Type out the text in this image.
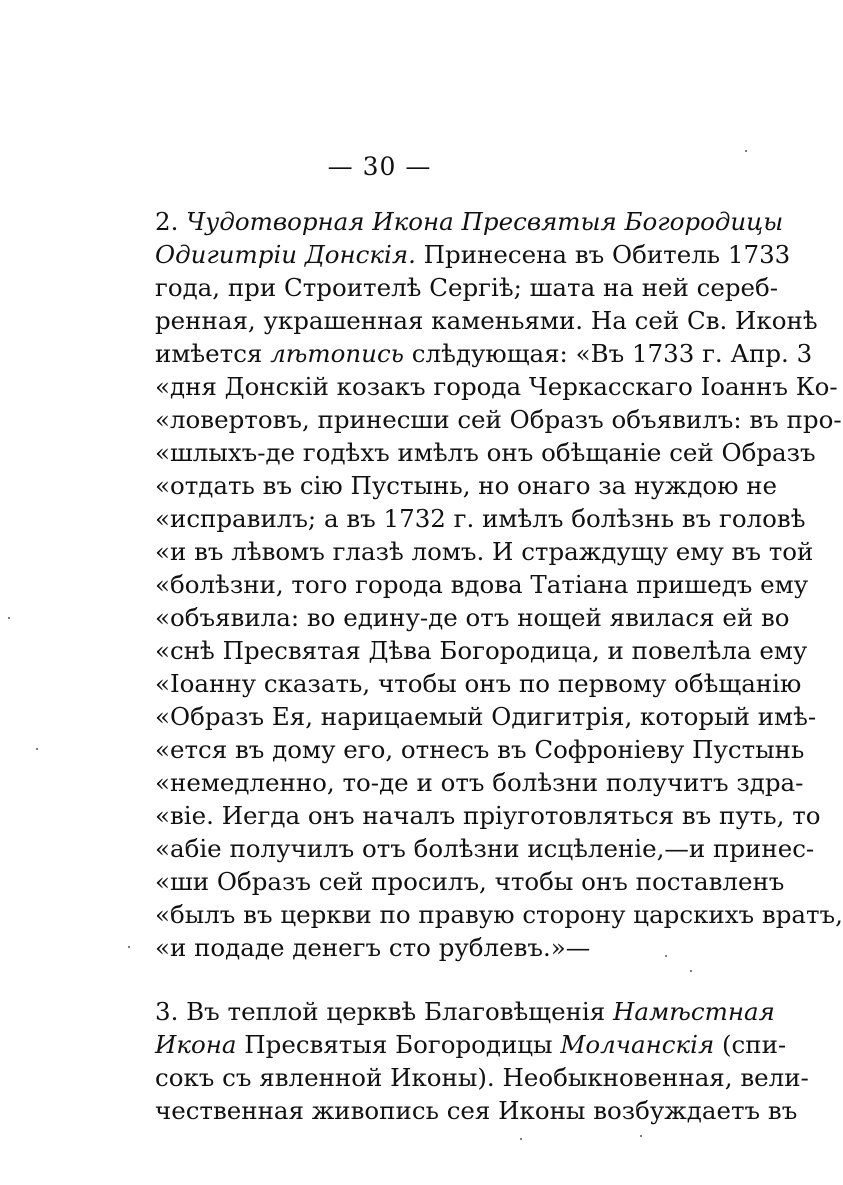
— 30 —
2. Чудотворная Икона Пресвятыя Богородицы
Одигитріи Донскія. Принесена въ Обитель 1733
года, при Строителѣ Сергіѣ; шата на ней сереб-
ренная, украшенная каменьями. На сей Св. Иконѣ
имѣется лѣтопись слѣдующая: «Въ 1733 г. Апр. 3
«дня Донскій козакъ города Черкасскаго Іоаннъ Ко-
«ловертовъ, принесши сей Образъ объявилъ: въ про-
«шлыхъ-де годѣхъ имѣлъ онъ обѣщаніе сей Образъ
«отдать въ сію Пустынь, но онаго за нуждою не
«исправилъ; а въ 1732 г. имѣлъ болѣзнь въ головѣ
«и въ лѣвомъ глазѣ ломъ. И страждущу ему въ той
«болѣзни, того города вдова Татіана пришедъ ему
«объявила: во едину-де отъ нощей явилася ей во
«снѣ Пресвятая Дѣва Богородица, и повелѣла ему
«Іоанну сказать, чтобы онъ по первому обѣщанію
«Образъ Ея, нарицаемый Одигитрія, который имѣ-
«ется въ дому его, отнесъ въ Софроніеву Пустынь
«немедленно, то-де и отъ болѣзни получитъ здра-
«віе. Иегда онъ началъ пріуготовляться въ путь, то
«абіе получилъ отъ болѣзни исцѣленіе,—и принес-
«ши Образъ сей просилъ, чтобы онъ поставленъ
«былъ въ церкви по правую сторону царскихъ вратъ,
«и подаде денегъ сто рублевъ.»—
3. Въ теплой церквѣ Благовѣщенія Намѣстная
Икона Пресвятыя Богородицы Молчанскія (спи-
сокъ съ явленной Иконы). Необыкновенная, вели-
чественная живопись сея Иконы возбуждаетъ въ
